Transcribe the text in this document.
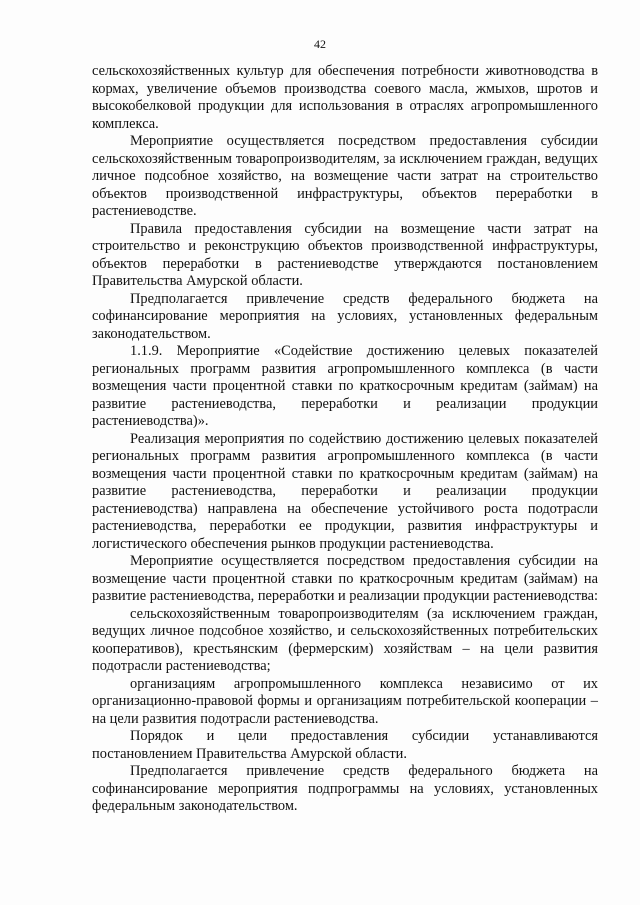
42

сельскохозяйственных культур для обеспечения потребности животноводства в кормах, увеличение объемов производства соевого масла, жмыхов, шротов и высокобелковой продукции для использования в отраслях агропромышленного комплекса.

Мероприятие осуществляется посредством предоставления субсидии сельскохозяйственным товаропроизводителям, за исключением граждан, ведущих личное подсобное хозяйство, на возмещение части затрат на строительство объектов производственной инфраструктуры, объектов переработки в растениеводстве.

Правила предоставления субсидии на возмещение части затрат на строительство и реконструкцию объектов производственной инфраструктуры, объектов переработки в растениеводстве утверждаются постановлением Правительства Амурской области.

Предполагается привлечение средств федерального бюджета на софинансирование мероприятия на условиях, установленных федеральным законодательством.

1.1.9. Мероприятие «Содействие достижению целевых показателей региональных программ развития агропромышленного комплекса (в части возмещения части процентной ставки по краткосрочным кредитам (займам) на развитие растениеводства, переработки и реализации продукции растениеводства)».

Реализация мероприятия по содействию достижению целевых показателей региональных программ развития агропромышленного комплекса (в части возмещения части процентной ставки по краткосрочным кредитам (займам) на развитие растениеводства, переработки и реализации продукции растениеводства) направлена на обеспечение устойчивого роста подотрасли растениеводства, переработки ее продукции, развития инфраструктуры и логистического обеспечения рынков продукции растениеводства.

Мероприятие осуществляется посредством предоставления субсидии на возмещение части процентной ставки по краткосрочным кредитам (займам) на развитие растениеводства, переработки и реализации продукции растениеводства:

сельскохозяйственным товаропроизводителям (за исключением граждан, ведущих личное подсобное хозяйство, и сельскохозяйственных потребительских кооперативов), крестьянским (фермерским) хозяйствам – на цели развития подотрасли растениеводства;

организациям агропромышленного комплекса независимо от их организационно-правовой формы и организациям потребительской кооперации – на цели развития подотрасли растениеводства.

Порядок и цели предоставления субсидии устанавливаются постановлением Правительства Амурской области.

Предполагается привлечение средств федерального бюджета на софинансирование мероприятия подпрограммы на условиях, установленных федеральным законодательством.
